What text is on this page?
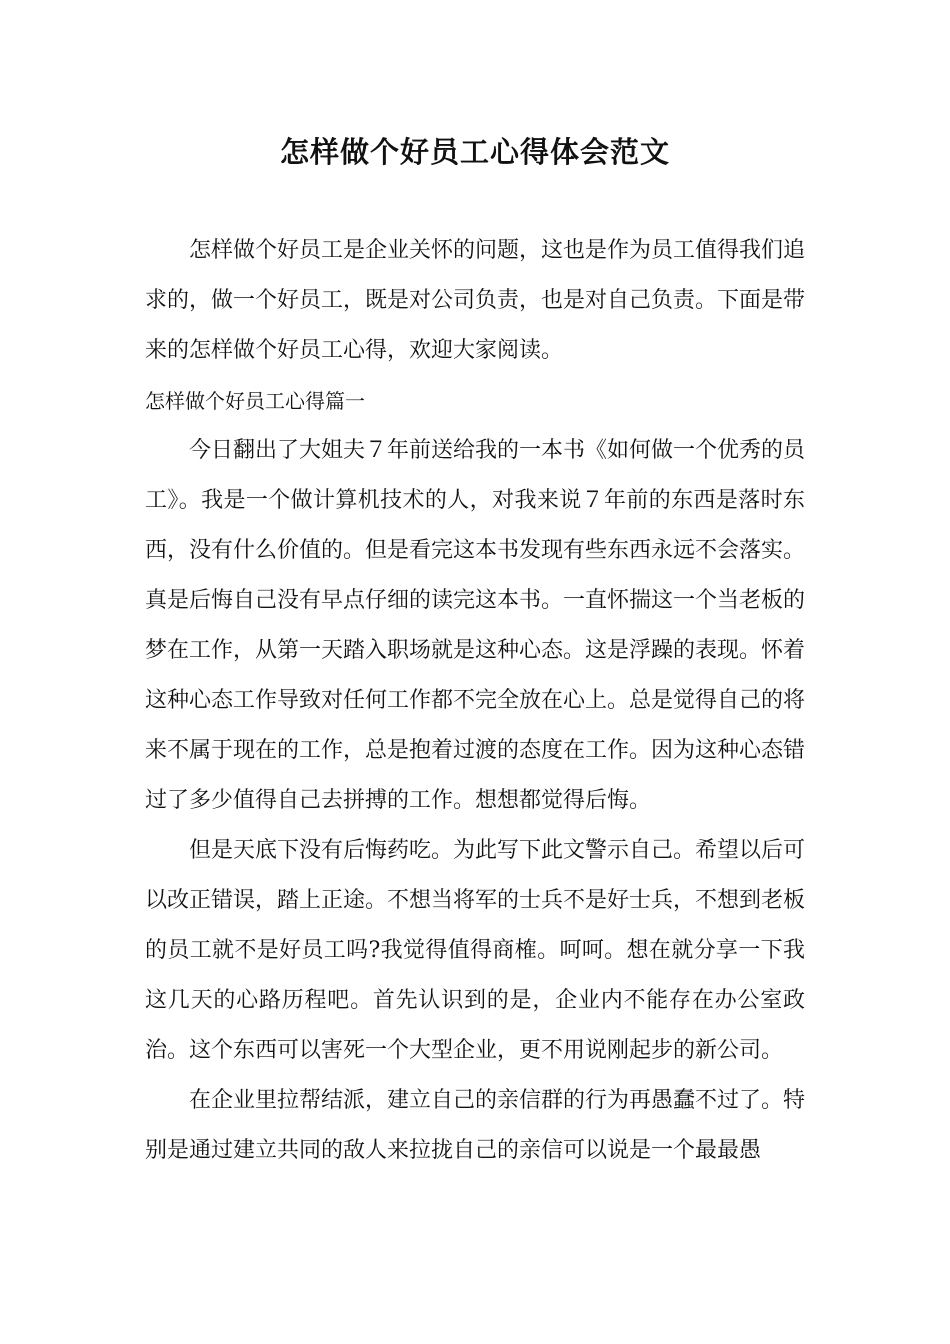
怎样做个好员工心得体会范文

怎样做个好员工是企业关怀的问题，这也是作为员工值得我们追求的，做一个好员工，既是对公司负责，也是对自己负责。下面是带来的怎样做个好员工心得，欢迎大家阅读。

怎样做个好员工心得篇一

今日翻出了大姐夫７年前送给我的一本书《如何做一个优秀的员工》。我是一个做计算机技术的人，对我来说７年前的东西是落时东西，没有什么价值的。但是看完这本书发现有些东西永远不会落实。真是后悔自己没有早点仔细的读完这本书。一直怀揣这一个当老板的梦在工作，从第一天踏入职场就是这种心态。这是浮躁的表现。怀着这种心态工作导致对任何工作都不完全放在心上。总是觉得自己的将来不属于现在的工作，总是抱着过渡的态度在工作。因为这种心态错过了多少值得自己去拼搏的工作。想想都觉得后悔。

但是天底下没有后悔药吃。为此写下此文警示自己。希望以后可以改正错误，踏上正途。不想当将军的士兵不是好士兵，不想到老板的员工就不是好员工吗?我觉得值得商榷。呵呵。想在就分享一下我这几天的心路历程吧。首先认识到的是，企业内不能存在办公室政治。这个东西可以害死一个大型企业，更不用说刚起步的新公司。

在企业里拉帮结派，建立自己的亲信群的行为再愚蠢不过了。特别是通过建立共同的敌人来拉拢自己的亲信可以说是一个最最愚
